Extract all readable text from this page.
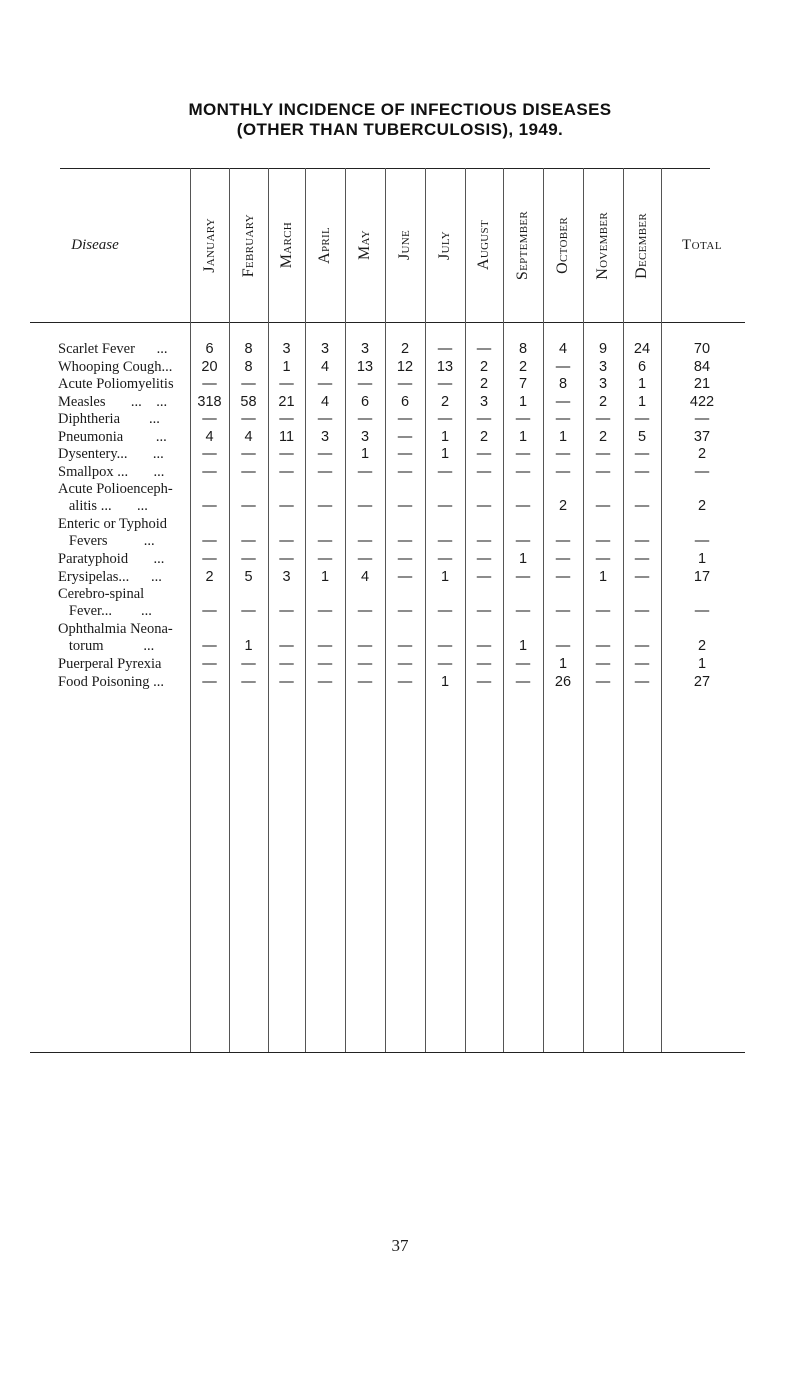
MONTHLY INCIDENCE OF INFECTIOUS DISEASES
(OTHER THAN TUBERCULOSIS), 1949.
Disease	January February March April May June July August September October November December	Total
Scarlet Fever      ...	6	8	3	3	3	2	—	—	8	4	9	24	70
Whooping Cough...	20	8	1	4	13	12	13	2	2	—	3	6	84
Acute Poliomyelitis	—	—	—	—	—	—	—	2	7	8	3	1	21
Measles       ...    ...	318	58	21	4	6	6	2	3	1	—	2	1	422
Diphtheria        ...	—	—	—	—	—	—	—	—	—	—	—	—	—
Pneumonia         ...	4	4	11	3	3	—	1	2	1	1	2	5	37
Dysentery...       ...	—	—	—	—	1	—	1	—	—	—	—	—	2
Smallpox ...       ...	—	—	—	—	—	—	—	—	—	—	—	—	—
Acute Polioenceph-
alitis ...       ...	—	—	—	—	—	—	—	—	—	2	—	—	2
Enteric or Typhoid
Fevers          ...	—	—	—	—	—	—	—	—	—	—	—	—	—
Paratyphoid       ...	—	—	—	—	—	—	—	—	1	—	—	—	1
Erysipelas...      ...	2	5	3	1	4	—	1	—	—	—	1	—	17
Cerebro-spinal
Fever...        ...	—	—	—	—	—	—	—	—	—	—	—	—	—
Ophthalmia Neona-
torum           ...	—	1	—	—	—	—	—	—	1	—	—	—	2
Puerperal Pyrexia	—	—	—	—	—	—	—	—	—	1	—	—	1
Food Poisoning ...	—	—	—	—	—	—	1	—	—	26	—	—	27
37
